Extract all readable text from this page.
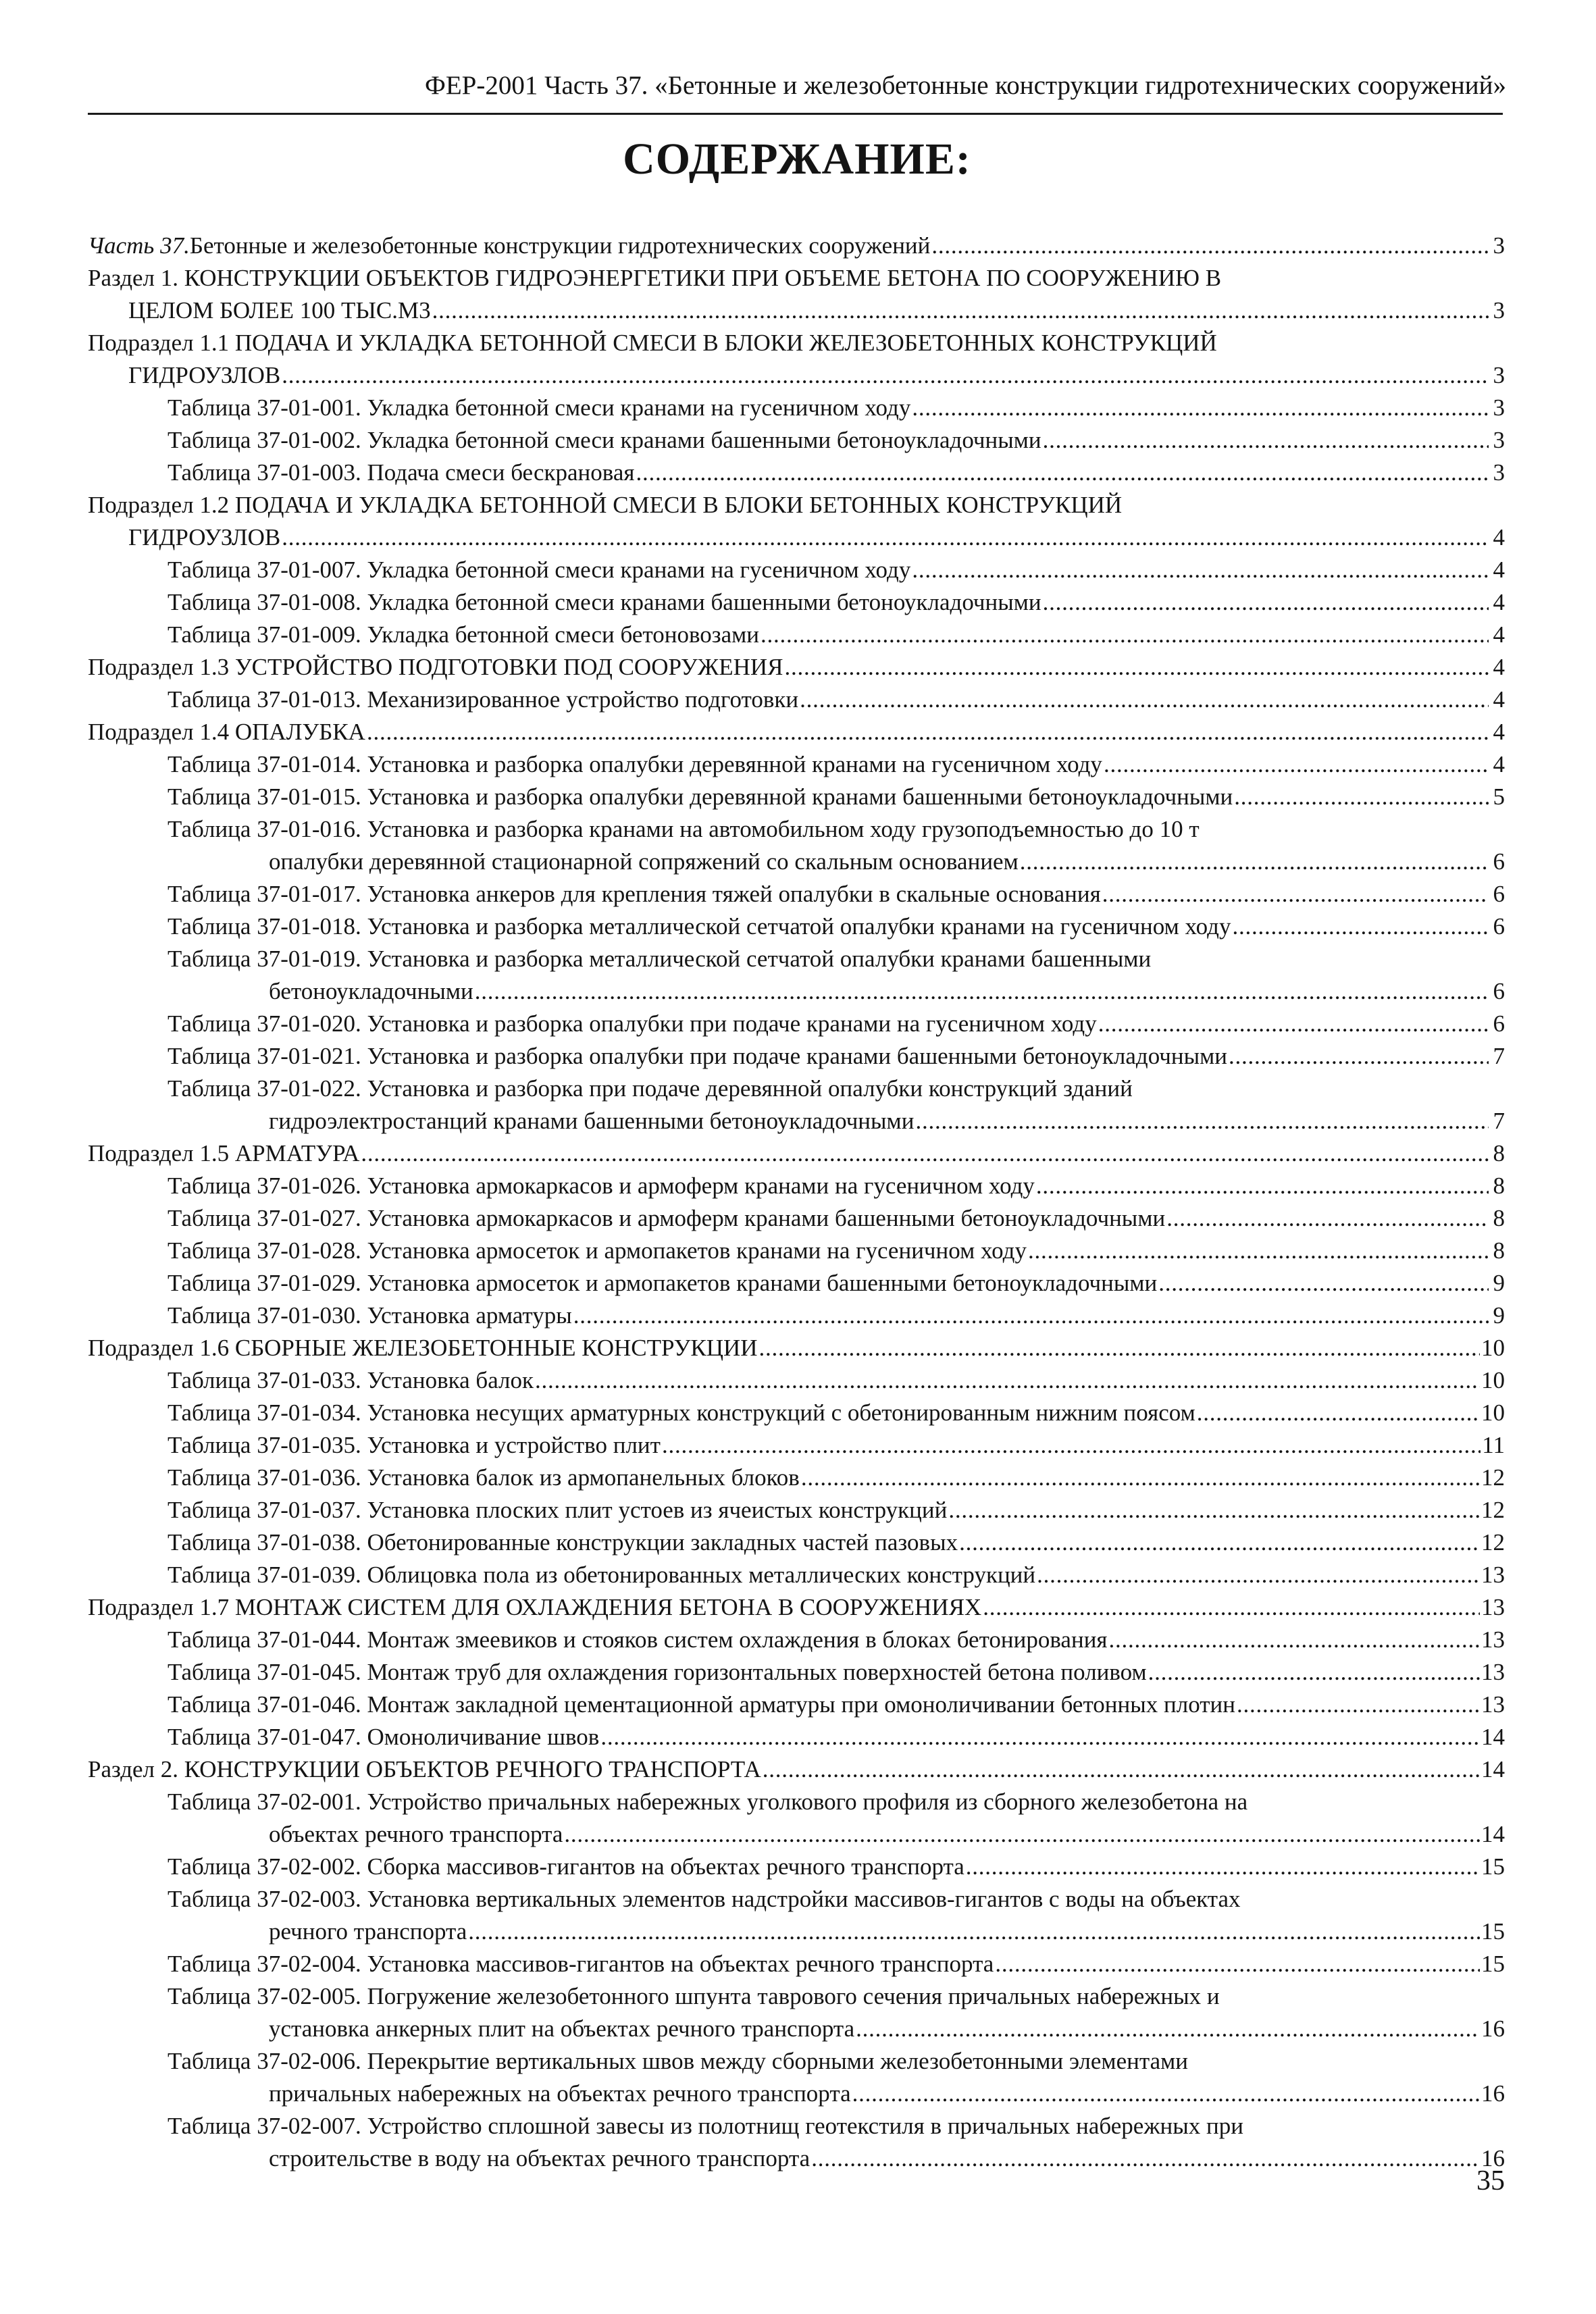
ФЕР-2001 Часть 37. «Бетонные и железобетонные конструкции гидротехнических сооружений»
СОДЕРЖАНИЕ:
Часть 37. Бетонные и железобетонные конструкции гидротехнических сооружений . . .	3
Раздел 1. КОНСТРУКЦИИ ОБЪЕКТОВ ГИДРОЭНЕРГЕТИКИ ПРИ ОБЪЕМЕ БЕТОНА ПО СООРУЖЕНИЮ В
ЦЕЛОМ БОЛЕЕ 100 ТЫС.М3 . . .	3
Подраздел 1.1 ПОДАЧА И УКЛАДКА БЕТОННОЙ СМЕСИ В БЛОКИ ЖЕЛЕЗОБЕТОННЫХ КОНСТРУКЦИЙ
ГИДРОУЗЛОВ . . .	3
Таблица 37-01-001. Укладка бетонной смеси кранами на гусеничном ходу . . .	3
Таблица 37-01-002. Укладка бетонной смеси кранами башенными бетоноукладочными . . .	3
Таблица 37-01-003. Подача смеси бескрановая . . .	3
Подраздел 1.2 ПОДАЧА И УКЛАДКА БЕТОННОЙ СМЕСИ В БЛОКИ БЕТОННЫХ КОНСТРУКЦИЙ
ГИДРОУЗЛОВ . . .	4
Таблица 37-01-007. Укладка бетонной смеси кранами на гусеничном ходу . . .	4
Таблица 37-01-008. Укладка бетонной смеси кранами башенными бетоноукладочными . . .	4
Таблица 37-01-009. Укладка бетонной смеси бетоновозами . . .	4
Подраздел 1.3 УСТРОЙСТВО ПОДГОТОВКИ ПОД СООРУЖЕНИЯ . . .	4
Таблица 37-01-013. Механизированное устройство подготовки . . .	4
Подраздел 1.4 ОПАЛУБКА . . .	4
Таблица 37-01-014. Установка и разборка опалубки деревянной кранами на гусеничном ходу . . .	4
Таблица 37-01-015. Установка и разборка опалубки деревянной кранами башенными бетоноукладочными . . .	5
Таблица 37-01-016. Установка и разборка кранами на автомобильном ходу грузоподъемностью до 10 т
опалубки деревянной стационарной сопряжений со скальным основанием . . .	6
Таблица 37-01-017. Установка анкеров для крепления тяжей опалубки в скальные основания . . .	6
Таблица 37-01-018. Установка и разборка металлической сетчатой опалубки кранами на гусеничном ходу . . .	6
Таблица 37-01-019. Установка и разборка металлической сетчатой опалубки кранами башенными
бетоноукладочными . . .	6
Таблица 37-01-020. Установка и разборка опалубки при подаче кранами на гусеничном ходу . . .	6
Таблица 37-01-021. Установка и разборка опалубки при подаче кранами башенными бетоноукладочными . . .	7
Таблица 37-01-022. Установка и разборка при подаче деревянной опалубки конструкций зданий
гидроэлектростанций кранами башенными бетоноукладочными . . .	7
Подраздел 1.5 АРМАТУРА . . .	8
Таблица 37-01-026. Установка армокаркасов и армоферм кранами на гусеничном ходу . . .	8
Таблица 37-01-027. Установка армокаркасов и армоферм кранами башенными бетоноукладочными . . .	8
Таблица 37-01-028. Установка армосеток и армопакетов кранами на гусеничном ходу . . .	8
Таблица 37-01-029. Установка армосеток и армопакетов кранами башенными бетоноукладочными . . .	9
Таблица 37-01-030. Установка арматуры . . .	9
Подраздел 1.6 СБОРНЫЕ ЖЕЛЕЗОБЕТОННЫЕ КОНСТРУКЦИИ . . .	10
Таблица 37-01-033. Установка балок . . .	10
Таблица 37-01-034. Установка несущих арматурных конструкций с обетонированным нижним поясом . . .	10
Таблица 37-01-035. Установка и устройство плит . . .	11
Таблица 37-01-036. Установка балок из армопанельных блоков . . .	12
Таблица 37-01-037. Установка плоских плит устоев из ячеистых конструкций . . .	12
Таблица 37-01-038. Обетонированные конструкции закладных частей пазовых . . .	12
Таблица 37-01-039. Облицовка пола из обетонированных металлических конструкций . . .	13
Подраздел 1.7 МОНТАЖ СИСТЕМ ДЛЯ ОХЛАЖДЕНИЯ БЕТОНА В СООРУЖЕНИЯХ . . .	13
Таблица 37-01-044. Монтаж змеевиков и стояков систем охлаждения в блоках бетонирования . . .	13
Таблица 37-01-045. Монтаж труб для охлаждения горизонтальных поверхностей бетона поливом . . .	13
Таблица 37-01-046. Монтаж закладной цементационной арматуры при омоноличивании бетонных плотин . . .	13
Таблица 37-01-047. Омоноличивание швов . . .	14
Раздел 2. КОНСТРУКЦИИ ОБЪЕКТОВ РЕЧНОГО ТРАНСПОРТА . . .	14
Таблица 37-02-001. Устройство причальных набережных уголкового профиля из сборного железобетона на
объектах речного транспорта . . .	14
Таблица 37-02-002. Сборка массивов-гигантов на объектах речного транспорта . . .	15
Таблица 37-02-003. Установка вертикальных элементов надстройки массивов-гигантов с воды на объектах
речного транспорта . . .	15
Таблица 37-02-004. Установка массивов-гигантов на объектах речного транспорта . . .	15
Таблица 37-02-005. Погружение железобетонного шпунта таврового сечения причальных набережных и
установка анкерных плит на объектах речного транспорта . . .	16
Таблица 37-02-006. Перекрытие вертикальных швов между сборными железобетонными элементами
причальных набережных на объектах речного транспорта . . .	16
Таблица 37-02-007. Устройство сплошной завесы из полотнищ геотекстиля в причальных набережных при
строительстве в воду на объектах речного транспорта . . .	16
35
